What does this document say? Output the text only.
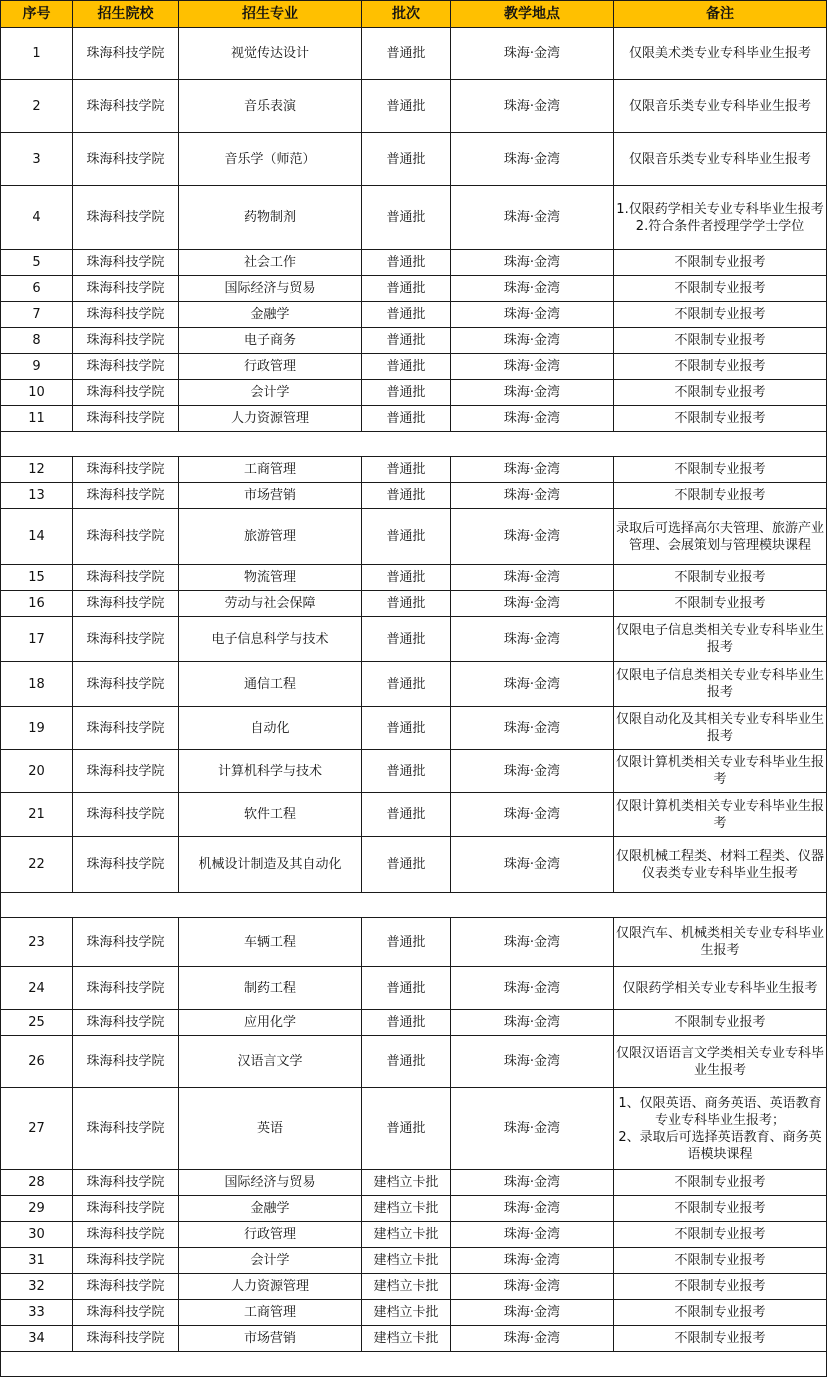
序号	招生院校	招生专业	批次	教学地点	备注
1	珠海科技学院	视觉传达设计	普通批	珠海·金湾	仅限美术类专业专科毕业生报考
2	珠海科技学院	音乐表演	普通批	珠海·金湾	仅限音乐类专业专科毕业生报考
3	珠海科技学院	音乐学（师范）	普通批	珠海·金湾	仅限音乐类专业专科毕业生报考
4	珠海科技学院	药物制剂	普通批	珠海·金湾	1.仅限药学相关专业专科毕业生报考
2.符合条件者授理学学士学位
5	珠海科技学院	社会工作	普通批	珠海·金湾	不限制专业报考
6	珠海科技学院	国际经济与贸易	普通批	珠海·金湾	不限制专业报考
7	珠海科技学院	金融学	普通批	珠海·金湾	不限制专业报考
8	珠海科技学院	电子商务	普通批	珠海·金湾	不限制专业报考
9	珠海科技学院	行政管理	普通批	珠海·金湾	不限制专业报考
10	珠海科技学院	会计学	普通批	珠海·金湾	不限制专业报考
11	珠海科技学院	人力资源管理	普通批	珠海·金湾	不限制专业报考

12	珠海科技学院	工商管理	普通批	珠海·金湾	不限制专业报考
13	珠海科技学院	市场营销	普通批	珠海·金湾	不限制专业报考
14	珠海科技学院	旅游管理	普通批	珠海·金湾	录取后可选择高尔夫管理、旅游产业管理、会展策划与管理模块课程
15	珠海科技学院	物流管理	普通批	珠海·金湾	不限制专业报考
16	珠海科技学院	劳动与社会保障	普通批	珠海·金湾	不限制专业报考
17	珠海科技学院	电子信息科学与技术	普通批	珠海·金湾	仅限电子信息类相关专业专科毕业生报考
18	珠海科技学院	通信工程	普通批	珠海·金湾	仅限电子信息类相关专业专科毕业生报考
19	珠海科技学院	自动化	普通批	珠海·金湾	仅限自动化及其相关专业专科毕业生报考
20	珠海科技学院	计算机科学与技术	普通批	珠海·金湾	仅限计算机类相关专业专科毕业生报考
21	珠海科技学院	软件工程	普通批	珠海·金湾	仅限计算机类相关专业专科毕业生报考
22	珠海科技学院	机械设计制造及其自动化	普通批	珠海·金湾	仅限机械工程类、材料工程类、仪器仪表类专业专科毕业生报考

23	珠海科技学院	车辆工程	普通批	珠海·金湾	仅限汽车、机械类相关专业专科毕业生报考
24	珠海科技学院	制药工程	普通批	珠海·金湾	仅限药学相关专业专科毕业生报考
25	珠海科技学院	应用化学	普通批	珠海·金湾	不限制专业报考
26	珠海科技学院	汉语言文学	普通批	珠海·金湾	仅限汉语语言文学类相关专业专科毕业生报考
27	珠海科技学院	英语	普通批	珠海·金湾	1、仅限英语、商务英语、英语教育专业专科毕业生报考；
2、录取后可选择英语教育、商务英语模块课程
28	珠海科技学院	国际经济与贸易	建档立卡批	珠海·金湾	不限制专业报考
29	珠海科技学院	金融学	建档立卡批	珠海·金湾	不限制专业报考
30	珠海科技学院	行政管理	建档立卡批	珠海·金湾	不限制专业报考
31	珠海科技学院	会计学	建档立卡批	珠海·金湾	不限制专业报考
32	珠海科技学院	人力资源管理	建档立卡批	珠海·金湾	不限制专业报考
33	珠海科技学院	工商管理	建档立卡批	珠海·金湾	不限制专业报考
34	珠海科技学院	市场营销	建档立卡批	珠海·金湾	不限制专业报考
